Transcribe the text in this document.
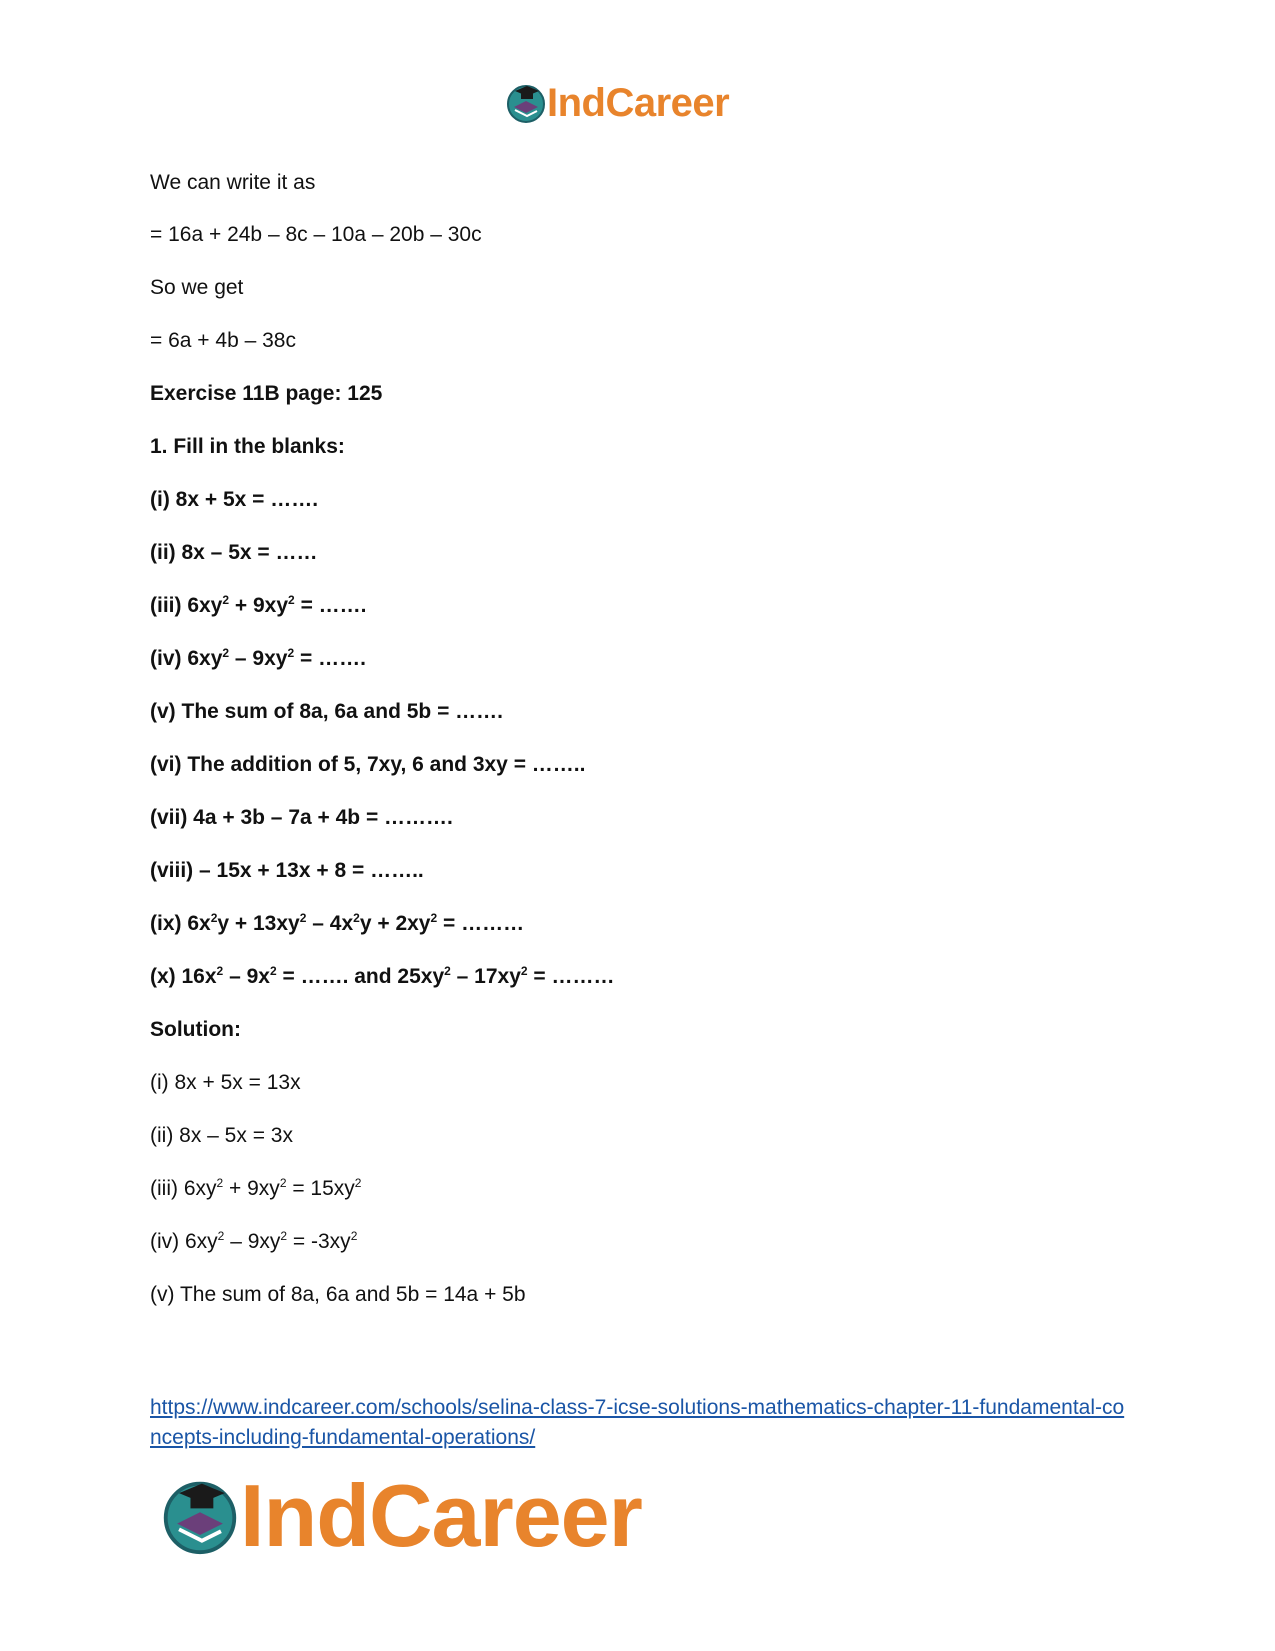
IndCareer
We can write it as
= 16a + 24b – 8c – 10a – 20b – 30c
So we get
= 6a + 4b – 38c
Exercise 11B page: 125
1. Fill in the blanks:
(i) 8x + 5x = …….
(ii) 8x – 5x = ……
(iii) $6xy^2 + 9xy^2$ = …….
(iv) $6xy^2 - 9xy^2$ = …….
(v) The sum of 8a, 6a and 5b = …….
(vi) The addition of 5, 7xy, 6 and 3xy = ……..
(vii) 4a + 3b – 7a + 4b = ……….
(viii) – 15x + 13x + 8 = ……..
(ix) $6x^2y + 13xy^2 - 4x^2y + 2xy^2$ = ………
(x) $16x^2 - 9x^2$ = ……. and $25xy^2 - 17xy^2$ = ………
Solution:
(i) 8x + 5x = 13x
(ii) 8x – 5x = 3x
(iii) $6xy^2 + 9xy^2 = 15xy^2$
(iv) $6xy^2 - 9xy^2 = -3xy^2$
(v) The sum of 8a, 6a and 5b = 14a + 5b
https://www.indcareer.com/schools/selina-class-7-icse-solutions-mathematics-chapter-11-fundamental-concepts-including-fundamental-operations/
IndCareer
